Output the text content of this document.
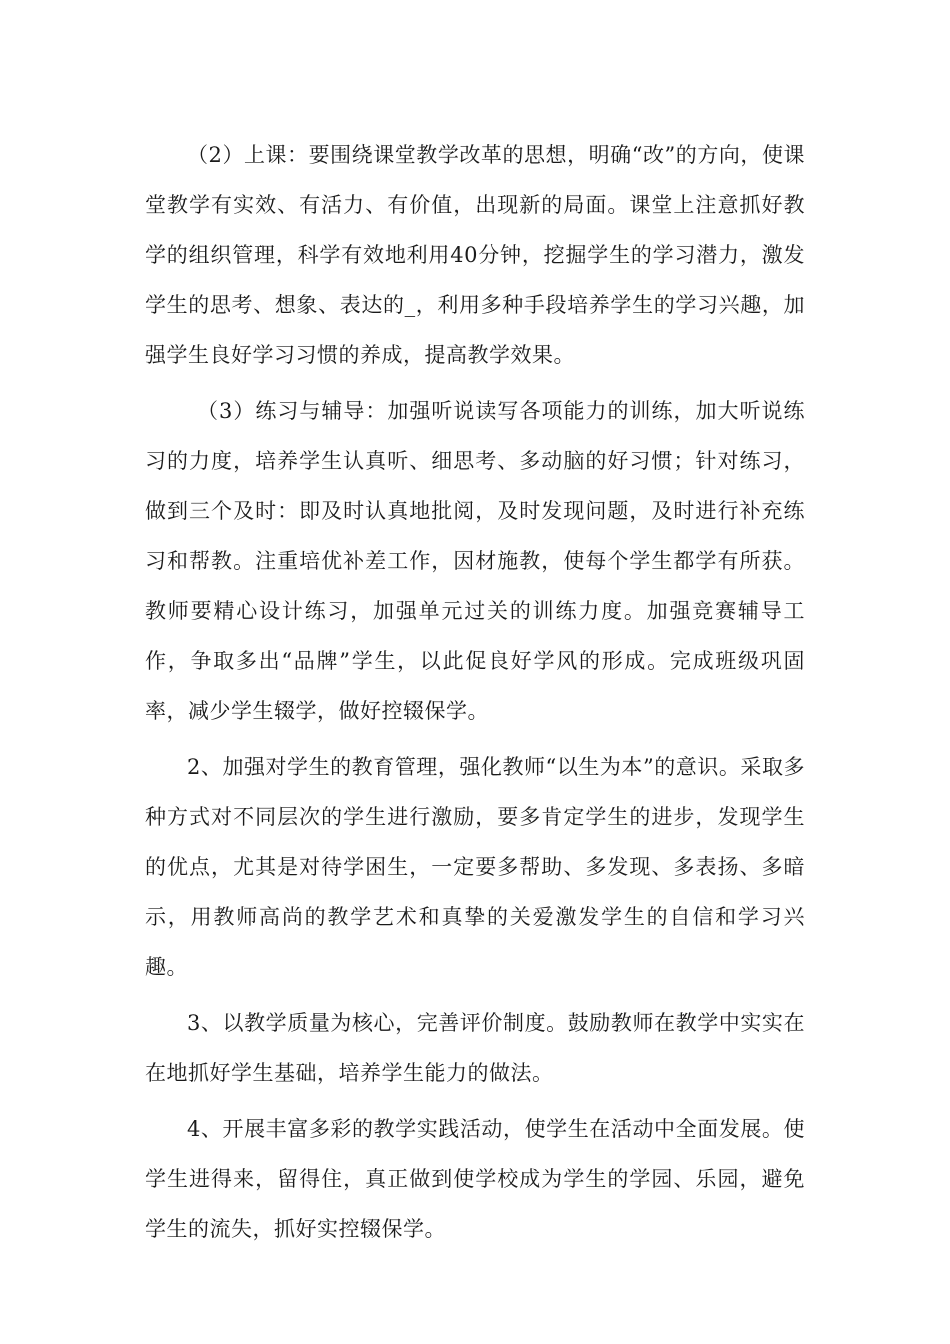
（2）上课：要围绕课堂教学改革的思想，明确“改”的方向，使课堂教学有实效、有活力、有价值，出现新的局面。课堂上注意抓好教学的组织管理，科学有效地利用40分钟，挖掘学生的学习潜力，激发学生的思考、想象、表达的_，利用多种手段培养学生的学习兴趣，加强学生良好学习习惯的养成，提高教学效果。

（3）练习与辅导：加强听说读写各项能力的训练，加大听说练习的力度，培养学生认真听、细思考、多动脑的好习惯；针对练习，做到三个及时：即及时认真地批阅，及时发现问题，及时进行补充练习和帮教。注重培优补差工作，因材施教，使每个学生都学有所获。教师要精心设计练习，加强单元过关的训练力度。加强竞赛辅导工作，争取多出“品牌”学生，以此促良好学风的形成。完成班级巩固率，减少学生辍学，做好控辍保学。

2、加强对学生的教育管理，强化教师“以生为本”的意识。采取多种方式对不同层次的学生进行激励，要多肯定学生的进步，发现学生的优点，尤其是对待学困生，一定要多帮助、多发现、多表扬、多暗示，用教师高尚的教学艺术和真挚的关爱激发学生的自信和学习兴趣。

3、以教学质量为核心，完善评价制度。鼓励教师在教学中实实在在地抓好学生基础，培养学生能力的做法。

4、开展丰富多彩的教学实践活动，使学生在活动中全面发展。使学生进得来，留得住，真正做到使学校成为学生的学园、乐园，避免学生的流失，抓好实控辍保学。
